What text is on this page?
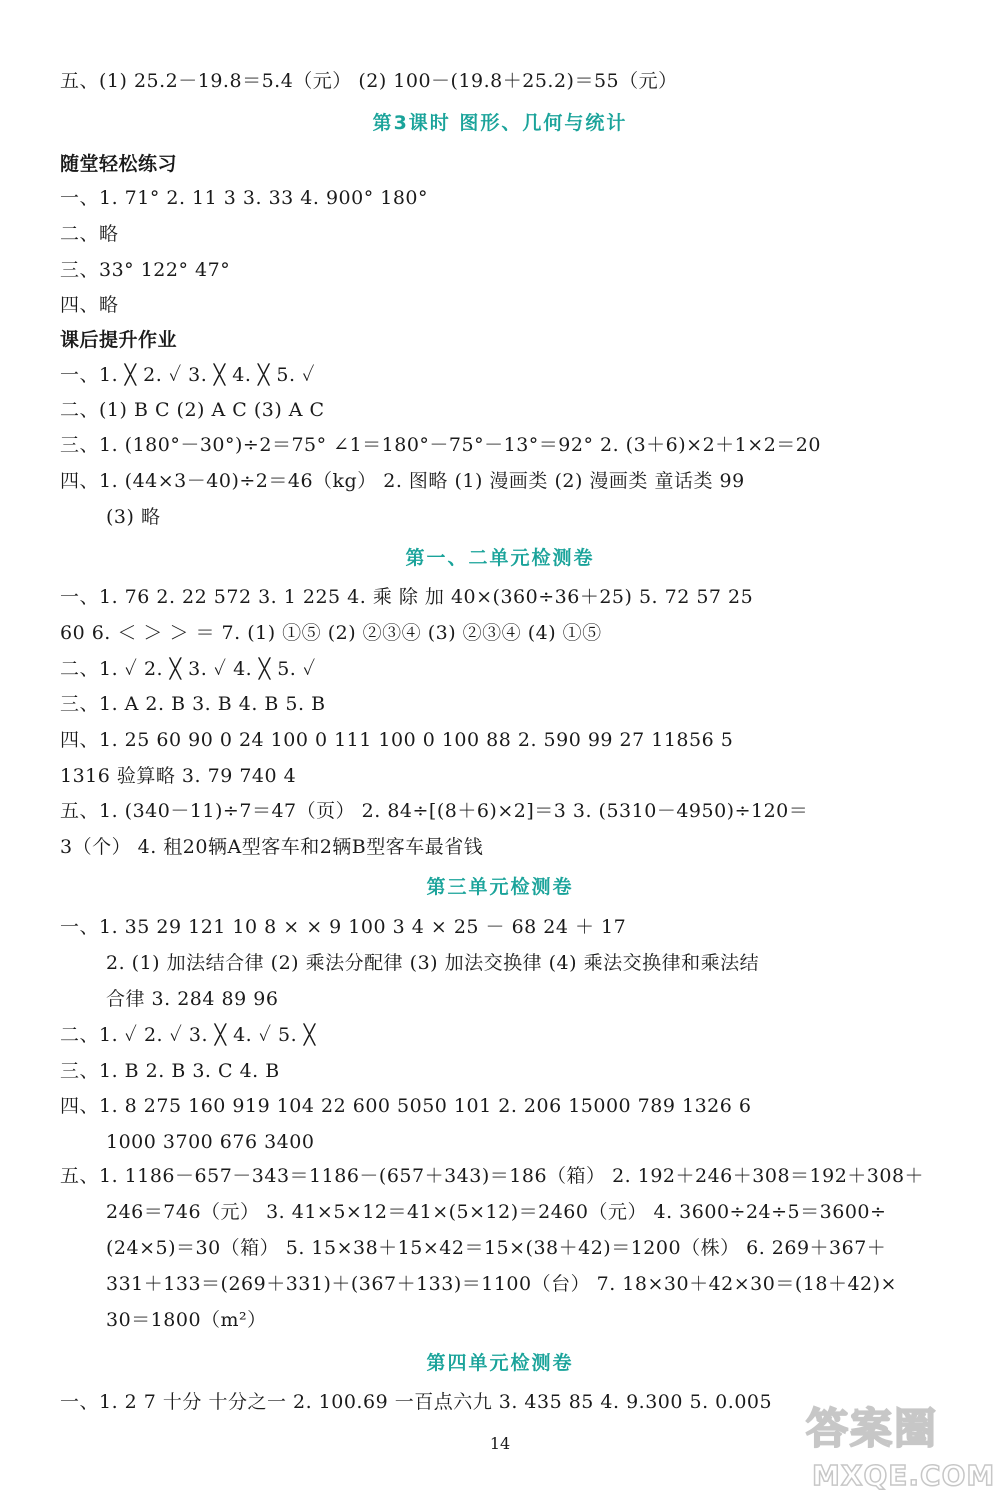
五、(1) 25.2－19.8＝5.4（元） (2) 100－(19.8＋25.2)＝55（元）
第3课时 图形、几何与统计
随堂轻松练习
一、1. 71° 2. 11 3 3. 33 4. 900° 180°
二、略
三、33° 122° 47°
四、略
课后提升作业
一、1. ╳ 2. ✓ 3. ╳ 4. ╳ 5. ✓
二、(1) B C (2) A C (3) A C
三、1. (180°－30°)÷2＝75° ∠1＝180°－75°－13°＝92° 2. (3＋6)×2＋1×2＝20
四、1. (44×3－40)÷2＝46（kg） 2. 图略 (1) 漫画类 (2) 漫画类 童话类 99
(3) 略
第一、二单元检测卷
一、1. 76 2. 22 572 3. 1 225 4. 乘 除 加 40×(360÷36＋25) 5. 72 57 25
60 6. ＜ ＞ ＞ ＝ 7. (1) ①⑤ (2) ②③④ (3) ②③④ (4) ①⑤
二、1. ✓ 2. ╳ 3. ✓ 4. ╳ 5. ✓
三、1. A 2. B 3. B 4. B 5. B
四、1. 25 60 90 0 24 100 0 111 100 0 100 88 2. 590 99 27 11856 5
1316 验算略 3. 79 740 4
五、1. (340－11)÷7＝47（页） 2. 84÷[(8＋6)×2]＝3 3. (5310－4950)÷120＝
3（个） 4. 租20辆A型客车和2辆B型客车最省钱
第三单元检测卷
一、1. 35 29 121 10 8 × × 9 100 3 4 × 25 － 68 24 ＋ 17
2. (1) 加法结合律 (2) 乘法分配律 (3) 加法交换律 (4) 乘法交换律和乘法结
合律 3. 284 89 96
二、1. ✓ 2. ✓ 3. ╳ 4. ✓ 5. ╳
三、1. B 2. B 3. C 4. B
四、1. 8 275 160 919 104 22 600 5050 101 2. 206 15000 789 1326 6
1000 3700 676 3400
五、1. 1186－657－343＝1186－(657＋343)＝186（箱） 2. 192＋246＋308＝192＋308＋
246＝746（元） 3. 41×5×12＝41×(5×12)＝2460（元） 4. 3600÷24÷5＝3600÷
(24×5)＝30（箱） 5. 15×38＋15×42＝15×(38＋42)＝1200（株） 6. 269＋367＋
331＋133＝(269＋331)＋(367＋133)＝1100（台） 7. 18×30＋42×30＝(18＋42)×
30＝1800（m²）
第四单元检测卷
一、1. 2 7 十分 十分之一 2. 100.69 一百点六九 3. 435 85 4. 9.300 5. 0.005
14	答案圈
MXQE.COM
